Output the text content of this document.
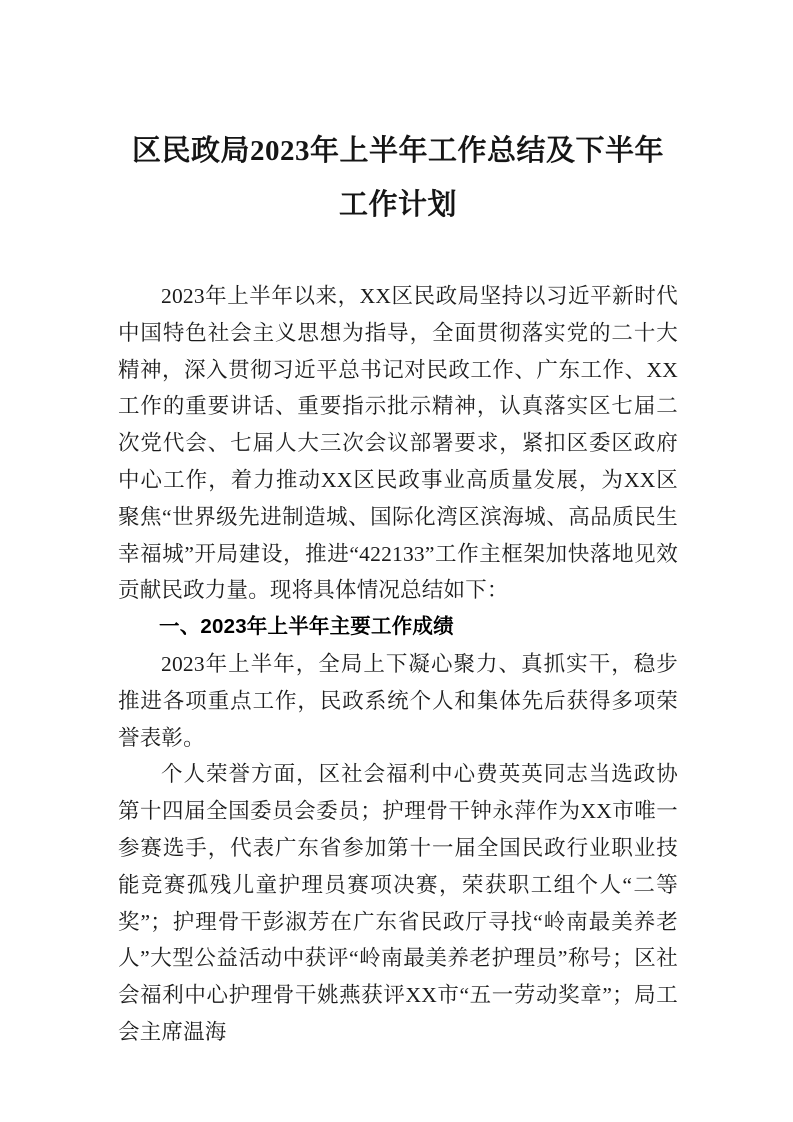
区民政局2023年上半年工作总结及下半年
工作计划

2023年上半年以来，XX区民政局坚持以习近平新时代中国特色社会主义思想为指导，全面贯彻落实党的二十大精神，深入贯彻习近平总书记对民政工作、广东工作、XX工作的重要讲话、重要指示批示精神，认真落实区七届二次党代会、七届人大三次会议部署要求，紧扣区委区政府中心工作，着力推动XX区民政事业高质量发展，为XX区聚焦“世界级先进制造城、国际化湾区滨海城、高品质民生幸福城”开局建设，推进“422133”工作主框架加快落地见效贡献民政力量。现将具体情况总结如下：

一、2023年上半年主要工作成绩

2023年上半年，全局上下凝心聚力、真抓实干，稳步推进各项重点工作，民政系统个人和集体先后获得多项荣誉表彰。

个人荣誉方面，区社会福利中心费英英同志当选政协第十四届全国委员会委员；护理骨干钟永萍作为XX市唯一参赛选手，代表广东省参加第十一届全国民政行业职业技能竞赛孤残儿童护理员赛项决赛，荣获职工组个人“二等奖”；护理骨干彭淑芳在广东省民政厅寻找“岭南最美养老人”大型公益活动中获评“岭南最美养老护理员”称号；区社会福利中心护理骨干姚燕获评XX市“五一劳动奖章”；局工会主席温海
